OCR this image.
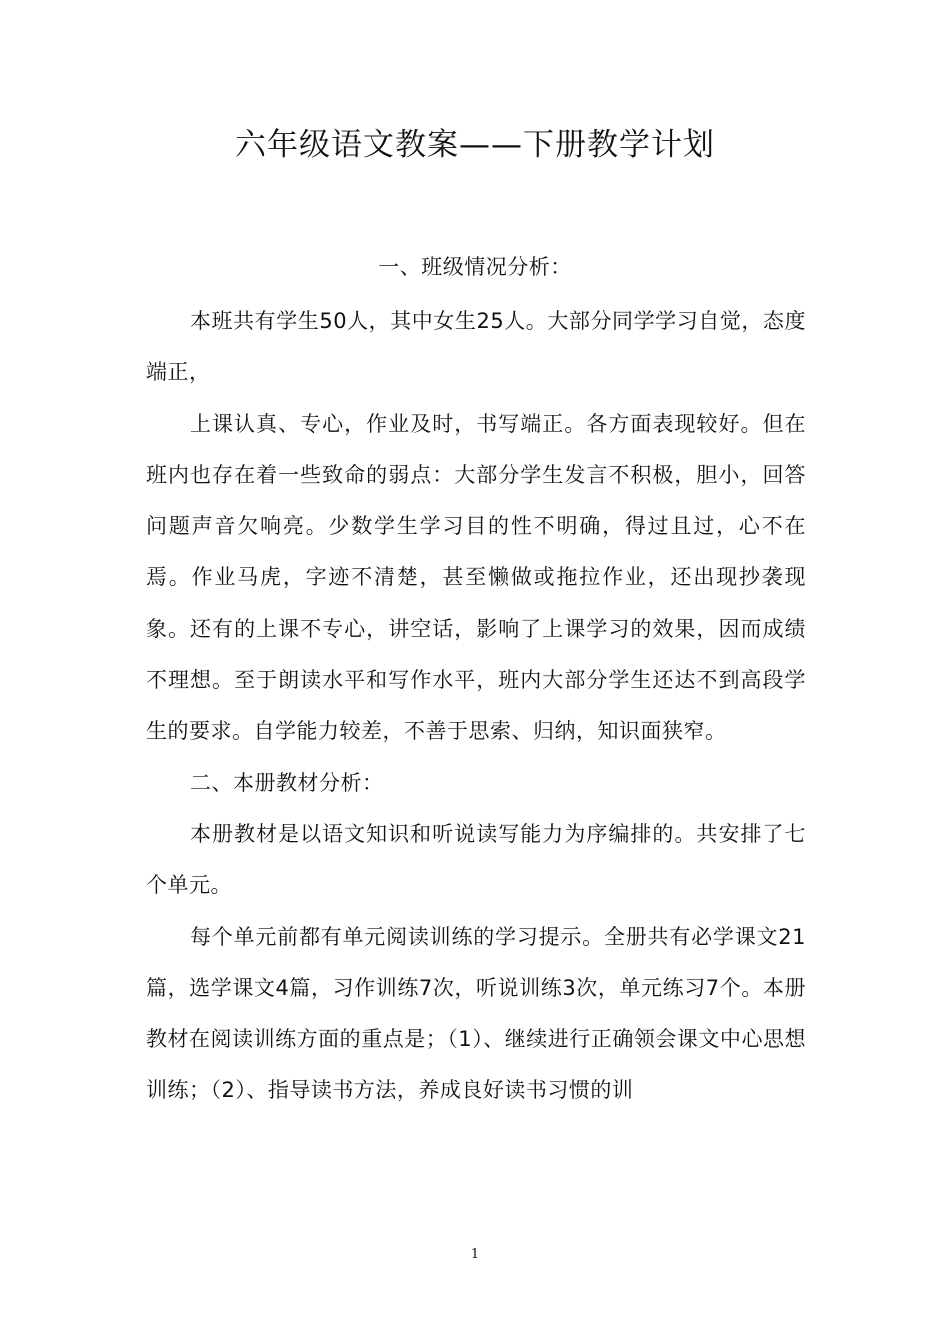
六年级语文教案——下册教学计划
一、班级情况分析：

本班共有学生50人，其中女生25人。大部分同学学习自觉，态度端正，

上课认真、专心，作业及时，书写端正。各方面表现较好。但在班内也存在着一些致命的弱点：大部分学生发言不积极，胆小，回答问题声音欠响亮。少数学生学习目的性不明确，得过且过，心不在焉。作业马虎，字迹不清楚，甚至懒做或拖拉作业，还出现抄袭现象。还有的上课不专心，讲空话，影响了上课学习的效果，因而成绩不理想。至于朗读水平和写作水平，班内大部分学生还达不到高段学生的要求。自学能力较差，不善于思索、归纳，知识面狭窄。

二、本册教材分析：

本册教材是以语文知识和听说读写能力为序编排的。共安排了七个单元。

每个单元前都有单元阅读训练的学习提示。全册共有必学课文21篇，选学课文4篇，习作训练7次，听说训练3次，单元练习7个。本册教材在阅读训练方面的重点是；（1）、继续进行正确领会课文中心思想训练；（2）、指导读书方法，养成良好读书习惯的训

1
